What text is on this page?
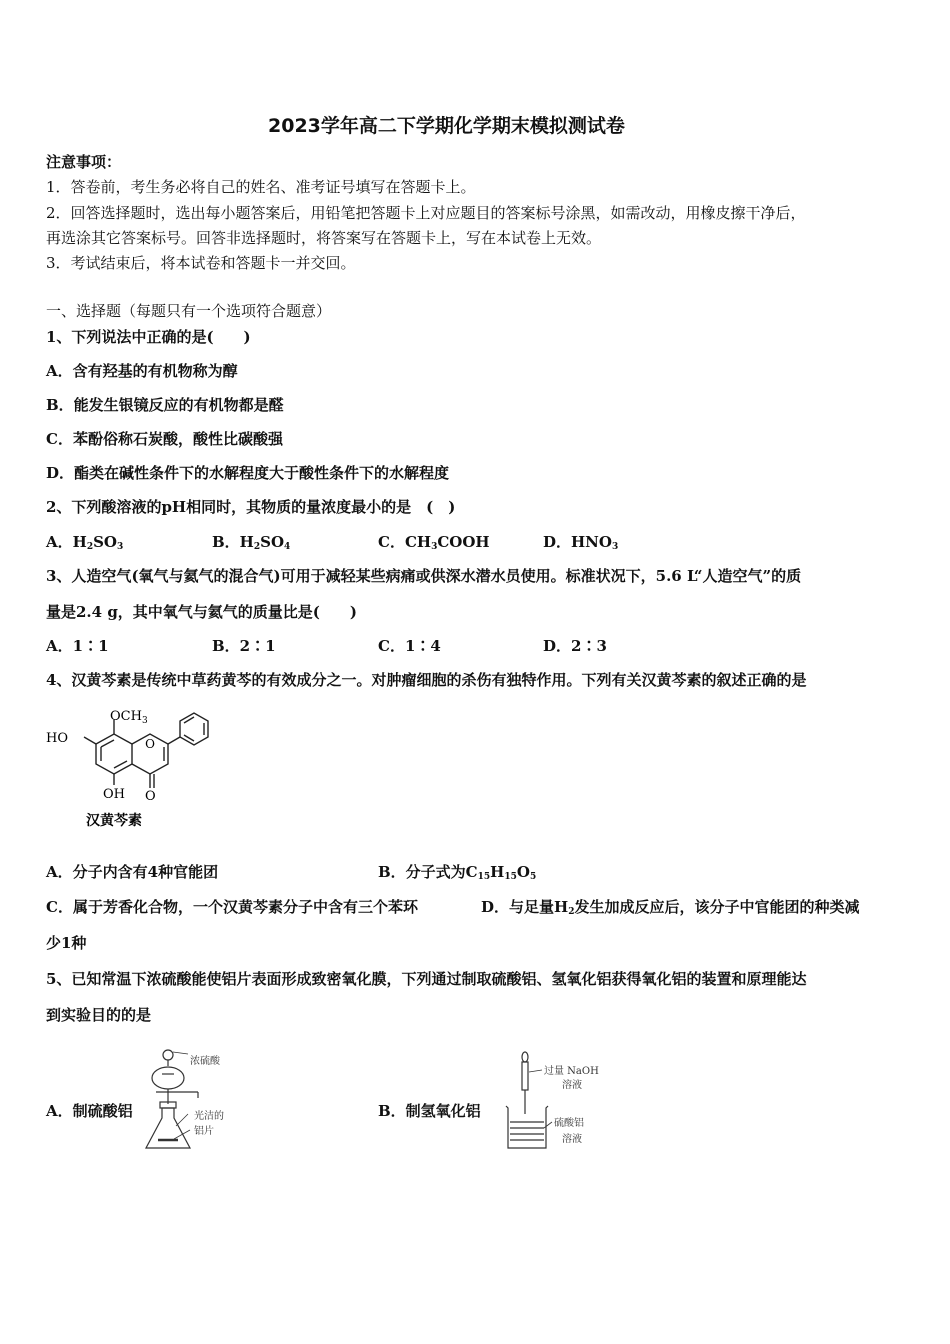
2023学年高二下学期化学期末模拟测试卷
注意事项：
1．答卷前，考生务必将自己的姓名、准考证号填写在答题卡上。
2．回答选择题时，选出每小题答案后，用铅笔把答题卡上对应题目的答案标号涂黑，如需改动，用橡皮擦干净后，
再选涂其它答案标号。回答非选择题时，将答案写在答题卡上，写在本试卷上无效。
3．考试结束后，将本试卷和答题卡一并交回。
一、选择题（每题只有一个选项符合题意）
1、下列说法中正确的是(　　)
A．含有羟基的有机物称为醇
B．能发生银镜反应的有机物都是醛
C．苯酚俗称石炭酸，酸性比碳酸强
D．酯类在碱性条件下的水解程度大于酸性条件下的水解程度
2、下列酸溶液的pH相同时，其物质的量浓度最小的是　(　)
A．$H_2SO_3$	B．$H_2SO_4$	C．$CH_3COOH$	D．$HNO_3$
3、人造空气(氧气与氦气的混合气)可用于减轻某些病痛或供深水潜水员使用。标准状况下，5.6 L“人造空气”的质
量是2.4 g，其中氧气与氦气的质量比是(　　)
A．1∶1	B．2∶1	C．1∶4	D．2∶3
4、汉黄芩素是传统中草药黄芩的有效成分之一。对肿瘤细胞的杀伤有独特作用。下列有关汉黄芩素的叙述正确的是
O
$OCH_3$
HO
OH O
汉黄芩素
A．分子内含有4种官能团	B．分子式为$C_{15}H_{15}O_5$
C．属于芳香化合物，一个汉黄芩素分子中含有三个苯环	D．与足量$H_2$发生加成反应后，该分子中官能团的种类减
少1种
5、已知常温下浓硫酸能使铝片表面形成致密氧化膜，下列通过制取硫酸铝、氢氧化铝获得氧化铝的装置和原理能达
到实验目的的是
A．制硫酸铝
浓硫酸
光洁的
铝片
B．制氢氧化铝
过量 NaOH
溶液
硫酸铝
溶液
